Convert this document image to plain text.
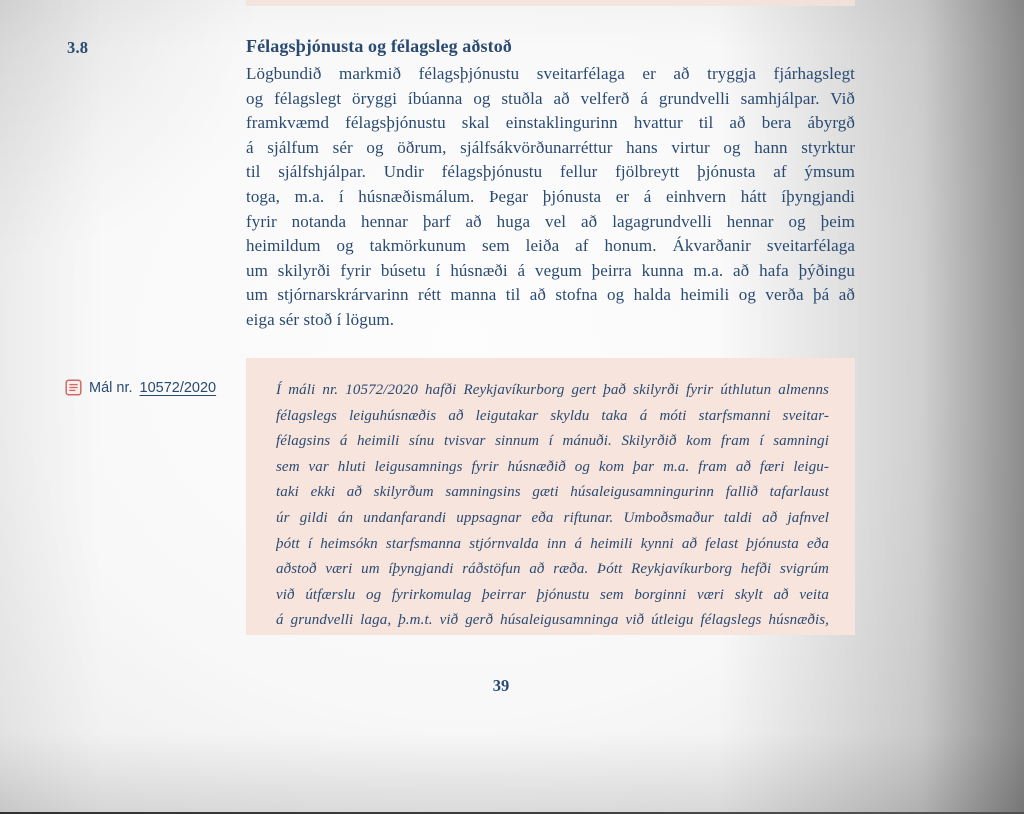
3.8	Félagsþjónusta og félagsleg aðstoð
Lögbundið markmið félagsþjónustu sveitarfélaga er að tryggja fjárhagslegt
og félagslegt öryggi íbúanna og stuðla að velferð á grundvelli samhjálpar. Við
framkvæmd félagsþjónustu skal einstaklingurinn hvattur til að bera ábyrgð
á sjálfum sér og öðrum, sjálfsákvörðunarréttur hans virtur og hann styrktur
til sjálfshjálpar. Undir félagsþjónustu fellur fjölbreytt þjónusta af ýmsum
toga, m.a. í húsnæðismálum. Þegar þjónusta er á einhvern hátt íþyngjandi
fyrir notanda hennar þarf að huga vel að lagagrundvelli hennar og þeim
heimildum og takmörkunum sem leiða af honum. Ákvarðanir sveitarfélaga
um skilyrði fyrir búsetu í húsnæði á vegum þeirra kunna m.a. að hafa þýðingu
um stjórnarskrárvarinn rétt manna til að stofna og halda heimili og verða þá að
eiga sér stoð í lögum.
Mál nr. 10572/2020	Í máli nr. 10572/2020 hafði Reykjavíkurborg gert það skilyrði fyrir úthlutun almenns
félagslegs leiguhúsnæðis að leigutakar skyldu taka á móti starfsmanni sveitar-
félagsins á heimili sínu tvisvar sinnum í mánuði. Skilyrðið kom fram í samningi
sem var hluti leigusamnings fyrir húsnæðið og kom þar m.a. fram að færi leigu-
taki ekki að skilyrðum samningsins gæti húsaleigusamningurinn fallið tafarlaust
úr gildi án undanfarandi uppsagnar eða riftunar. Umboðsmaður taldi að jafnvel
þótt í heimsókn starfsmanna stjórnvalda inn á heimili kynni að felast þjónusta eða
aðstoð væri um íþyngjandi ráðstöfun að ræða. Þótt Reykjavíkurborg hefði svigrúm
við útfærslu og fyrirkomulag þeirrar þjónustu sem borginni væri skylt að veita
á grundvelli laga, þ.m.t. við gerð húsaleigusamninga við útleigu félagslegs húsnæðis,
39
